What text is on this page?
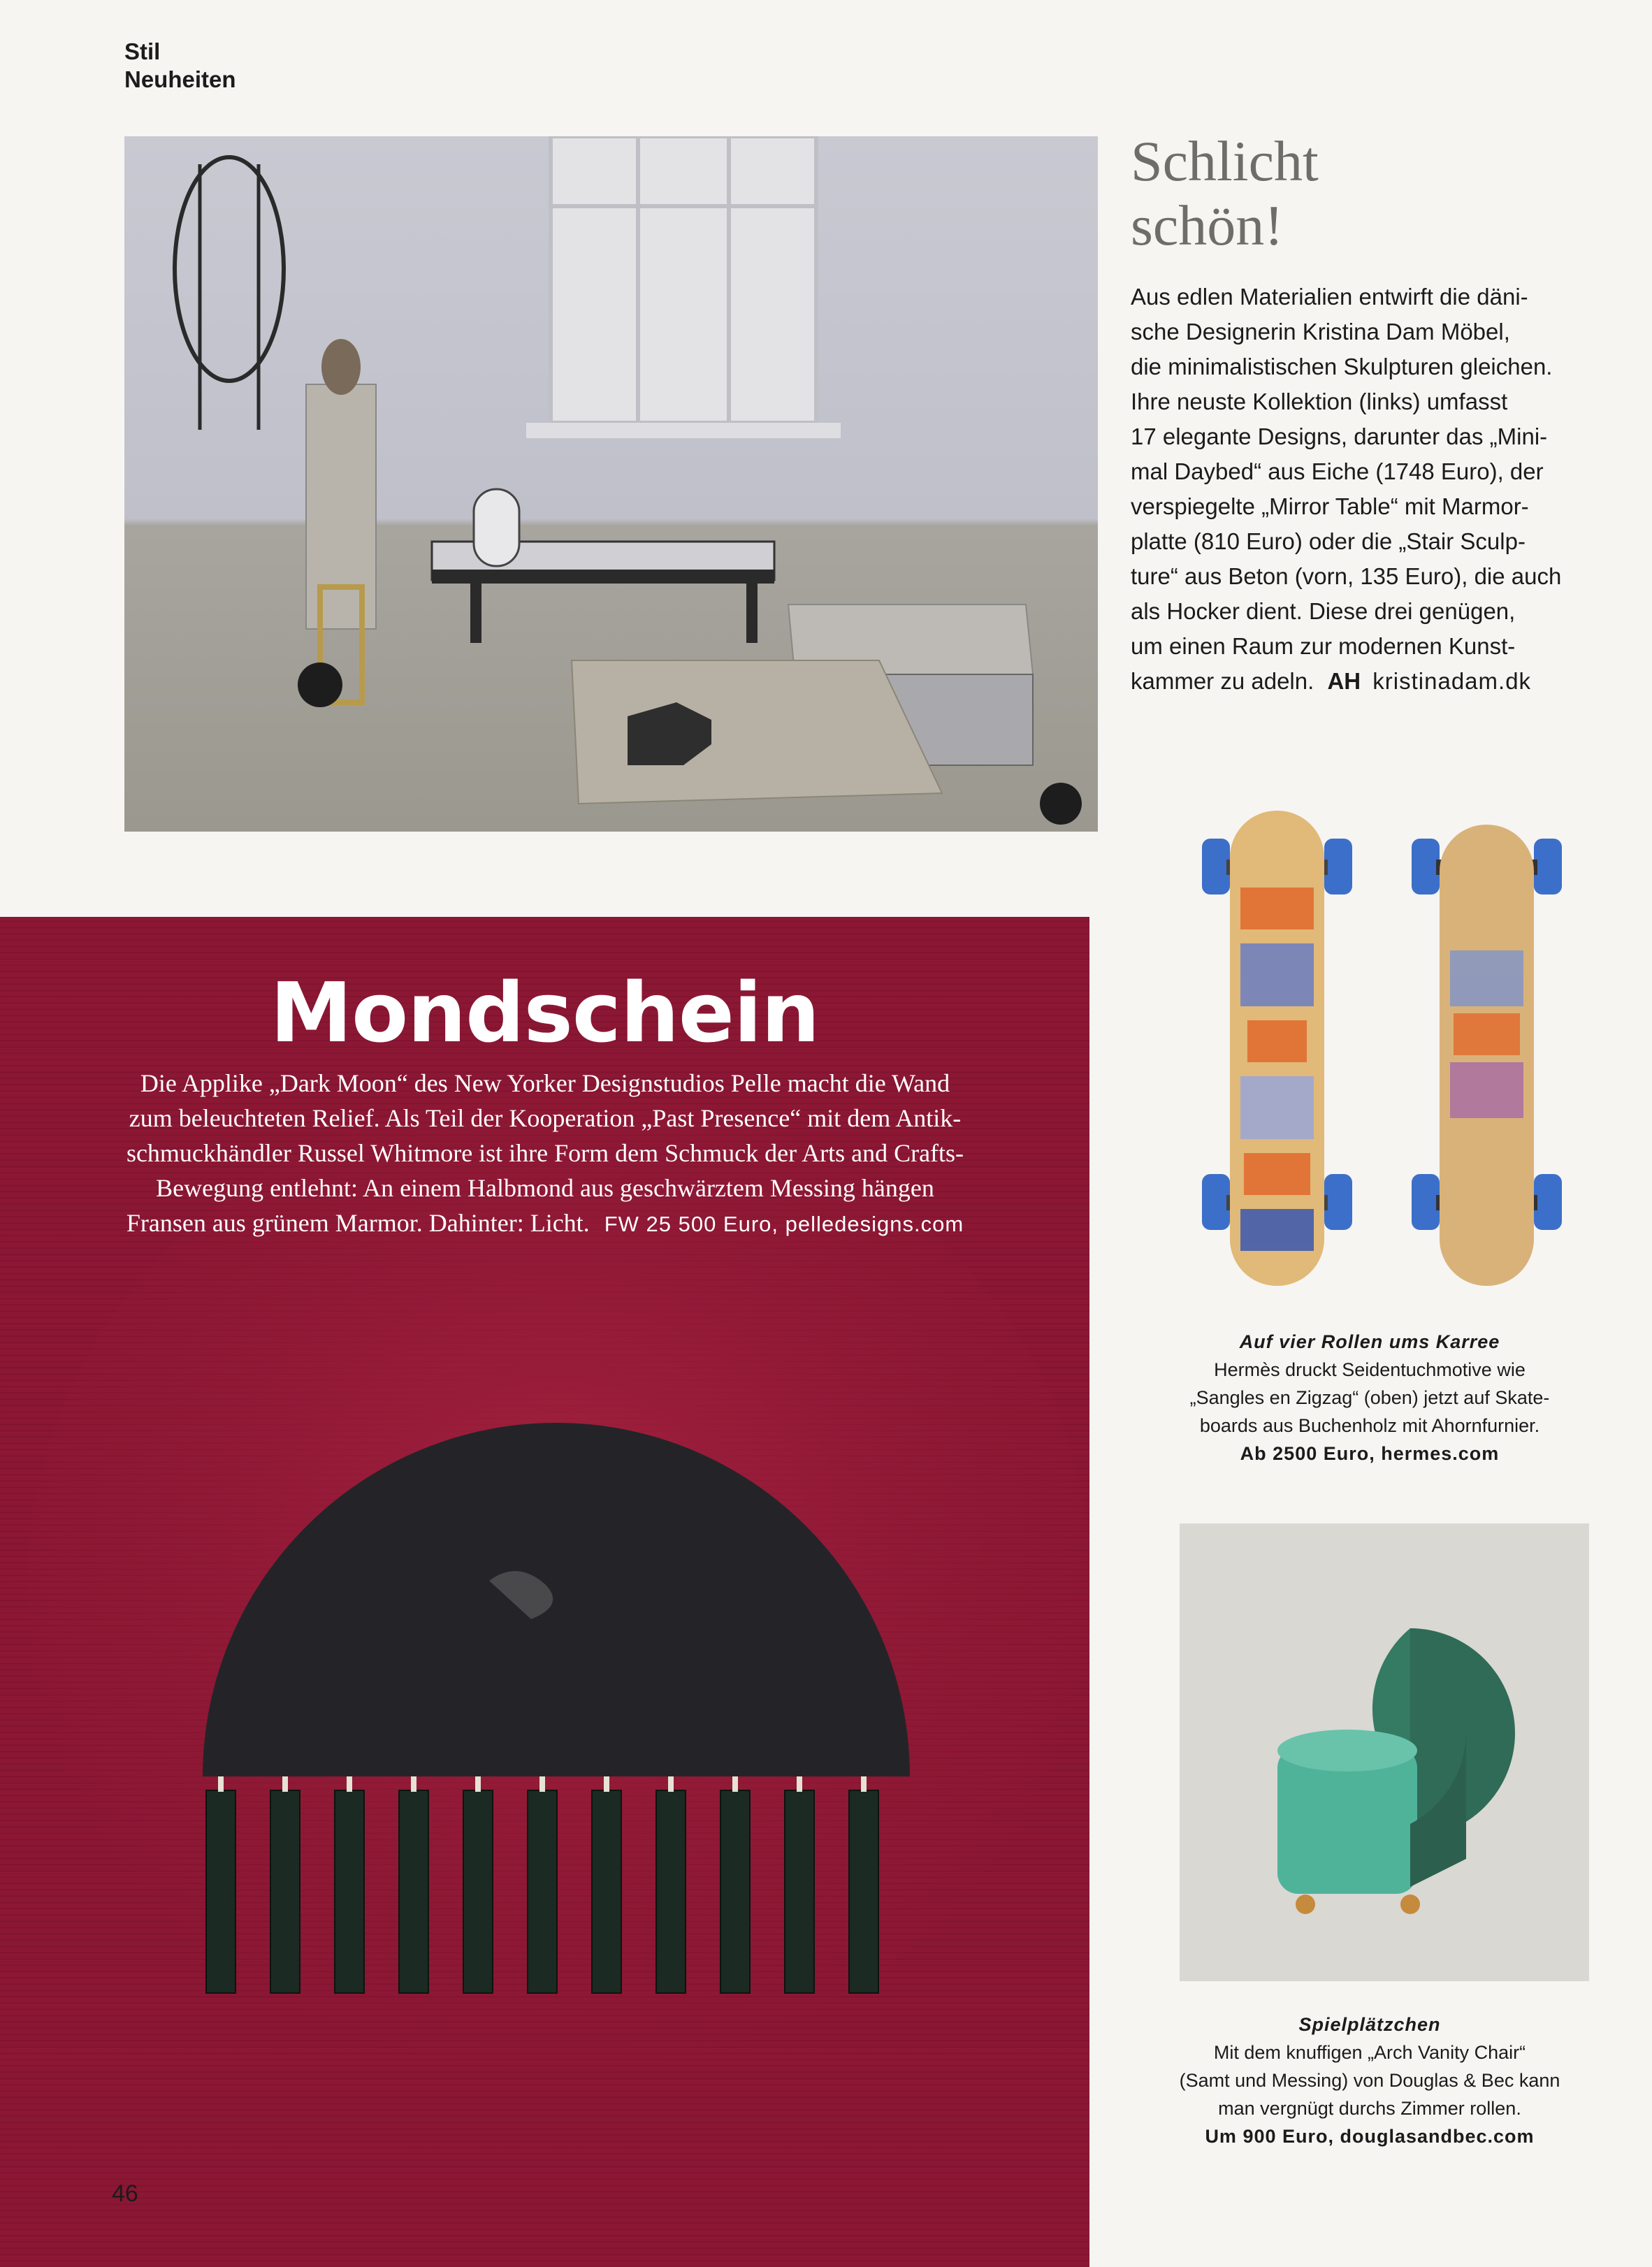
Stil
Neuheiten
Schlicht
schön!
Aus edlen Materialien entwirft die däni-
sche Designerin Kristina Dam Möbel,
die minimalistischen Skulpturen gleichen.
Ihre neuste Kollektion (links) umfasst
17 elegante Designs, darunter das „Mini-
mal Daybed“ aus Eiche (1748 Euro), der
verspiegelte „Mirror Table“ mit Marmor-
platte (810 Euro) oder die „Stair Sculp-
ture“ aus Beton (vorn, 135 Euro), die auch
als Hocker dient. Diese drei genügen,
um einen Raum zur modernen Kunst-
kammer zu adeln. AH kristinadam.dk
Mondschein
Die Applike „Dark Moon“ des New Yorker Designstudios Pelle macht die Wand
zum beleuchteten Relief. Als Teil der Kooperation „Past Presence“ mit dem Antik-
schmuckhändler Russel Whitmore ist ihre Form dem Schmuck der Arts and Crafts-
Bewegung entlehnt: An einem Halbmond aus geschwärztem Messing hängen
Fransen aus grünem Marmor. Dahinter: Licht. FW 25 500 Euro, pelledesigns.com
Auf vier Rollen ums Karree
Hermès druckt Seidentuchmotive wie
„Sangles en Zigzag“ (oben) jetzt auf Skate-
boards aus Buchenholz mit Ahornfurnier.
Ab 2500 Euro, hermes.com
Spielplätzchen
Mit dem knuffigen „Arch Vanity Chair“
(Samt und Messing) von Douglas & Bec kann
man vergnügt durchs Zimmer rollen.
Um 900 Euro, douglasandbec.com
46
